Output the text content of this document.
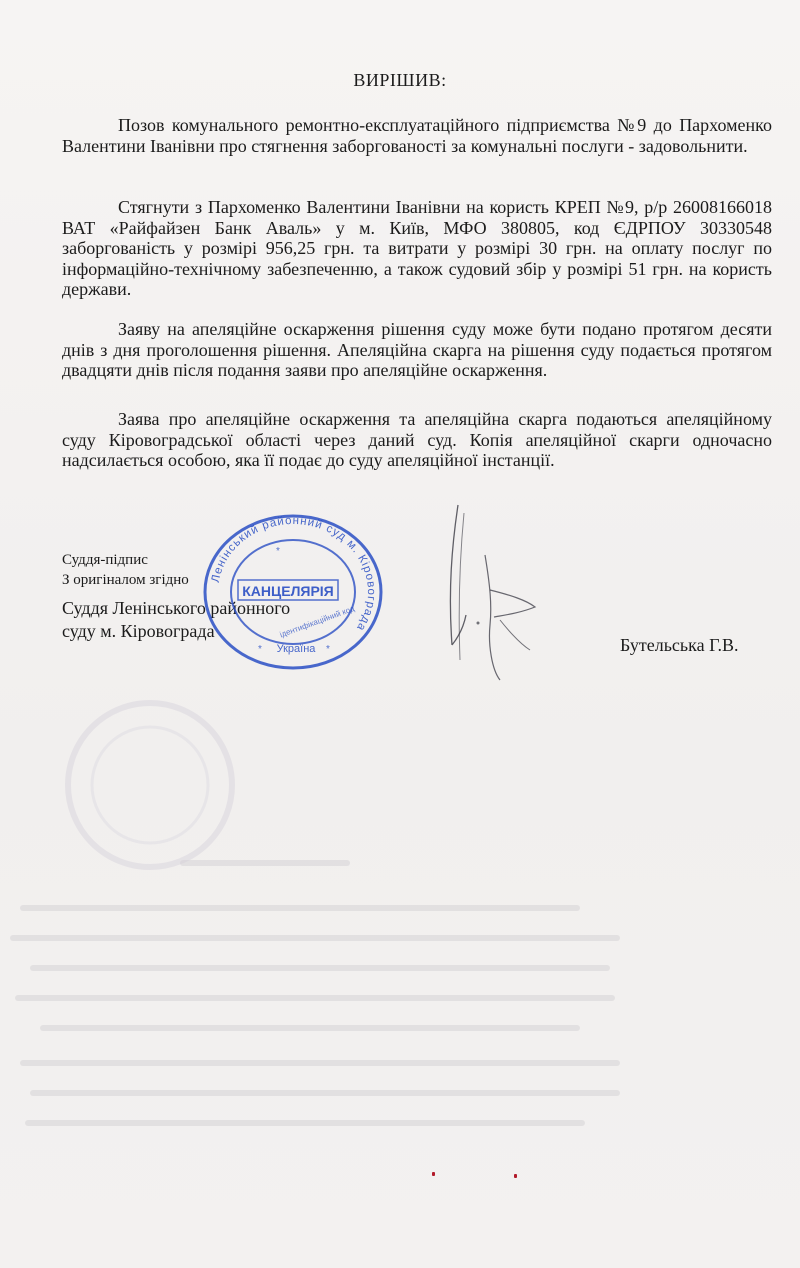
ВИРІШИВ:

Позов комунального ремонтно-експлуатаційного підприємства №9 до Пархоменко Валентини Іванівни про стягнення заборгованості за комунальні послуги - задовольнити.

Стягнути з Пархоменко Валентини Іванівни на користь КРЕП №9, р/р 26008166018 ВАТ «Райфайзен Банк Аваль» у м. Київ, МФО 380805, код ЄДРПОУ 30330548 заборгованість у розмірі 956,25 грн. та витрати у розмірі 30 грн. на оплату послуг по інформаційно-технічному забезпеченню, а також судовий збір у розмірі 51 грн. на користь держави.

Заяву на апеляційне оскарження рішення суду може бути подано протягом десяти днів з дня проголошення рішення. Апеляційна скарга на рішення суду подається протягом двадцяти днів після подання заяви про апеляційне оскарження.

Заява про апеляційне оскарження та апеляційна скарга подаються апеляційному суду Кіровоградської області через даний суд. Копія апеляційної скарги одночасно надсилається особою, яка її подає до суду апеляційної інстанції.

Суддя-підпис
З оригіналом згідно
Суддя Ленінського районного
суду м. Кіровограда
Бутельська Г.В.
Ленінський районний суд м. Кіровограда
КАНЦЕЛЯРІЯ
ідентифікаційний код
Україна
*
*	*
